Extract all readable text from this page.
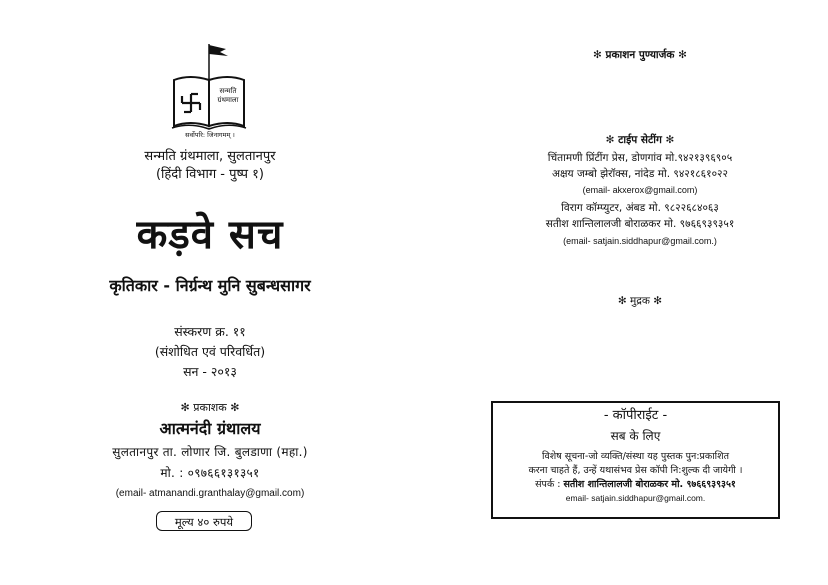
सन्मति
ग्रंथमाला
सर्वोपरि: जिनागमम् ।
सन्मति ग्रंथमाला, सुलतानपुर
(हिंदी विभाग - पुष्प १)
कड़वे सच
कृतिकार - निर्ग्रन्थ मुनि सुबन्धसागर
संस्करण क्र. ११
(संशोधित एवं परिवर्धित)
सन - २०१३
✻ प्रकाशक ✻
आत्मनंदी ग्रंथालय
सुलतानपुर ता. लोणार जि. बुलडाणा (महा.)
मो. : ०९७६६१३१३५१
(email- atmanandi.granthalay@gmail.com)
मूल्य ४० रुपये
✻ प्रकाशन पुण्यार्जक ✻
✻ टाईप सेटींग ✻
चिंतामणी प्रिंटींग प्रेस, डोणगांव मो.९४२१३९६९०५
अक्षय जम्बो झेरॉक्स, नांदेड मो. ९४२१८६१०२२
(email- akxerox@gmail.com)
विराग कॉम्प्युटर, अंबड मो. ९८२२६८४०६३
सतीश शान्तिलालजी बोराळकर मो. ९७६६९३९३५१
(email- satjain.siddhapur@gmail.com.)
✻ मुद्रक ✻
- कॉपीराईट -
सब के लिए
विशेष सूचना-जो व्यक्ति/संस्था यह पुस्तक पुन:प्रकाशित
करना चाहते हैं, उन्हें यथासंभव प्रेस कॉपी नि:शुल्क दी जायेगी ।
संपर्क : सतीश शान्तिलालजी बोराळकर मो. ९७६६९३९३५१
email- satjain.siddhapur@gmail.com.
